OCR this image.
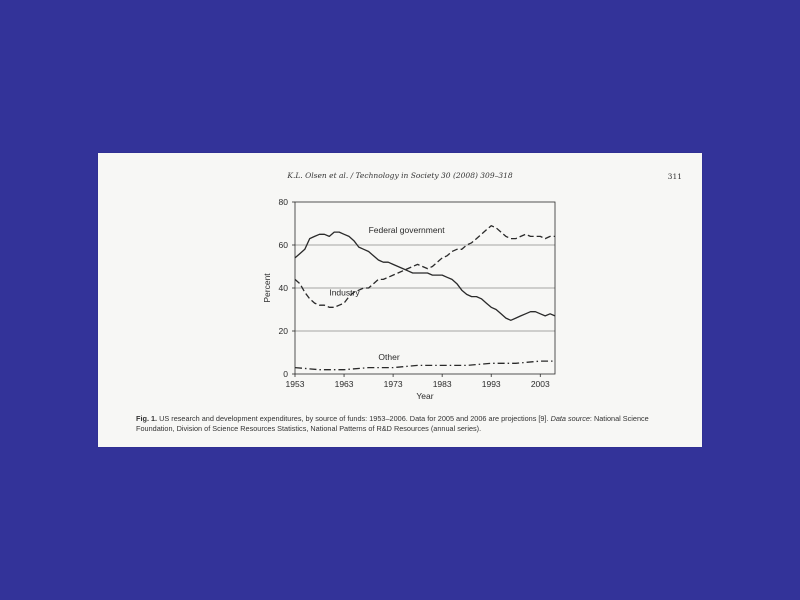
K.L. Olsen et al. / Technology in Society 30 (2008) 309–318	311
0
20
40
60
80
1953	1963	1973	1983	1993	2003
Year
Percent
Federal government
Industry
Other
Fig. 1. US research and development expenditures, by source of funds: 1953–2006. Data for 2005 and 2006 are projections [9]. Data source: National Science Foundation, Division of Science Resources Statistics, National Patterns of R&D Resources (annual series).
